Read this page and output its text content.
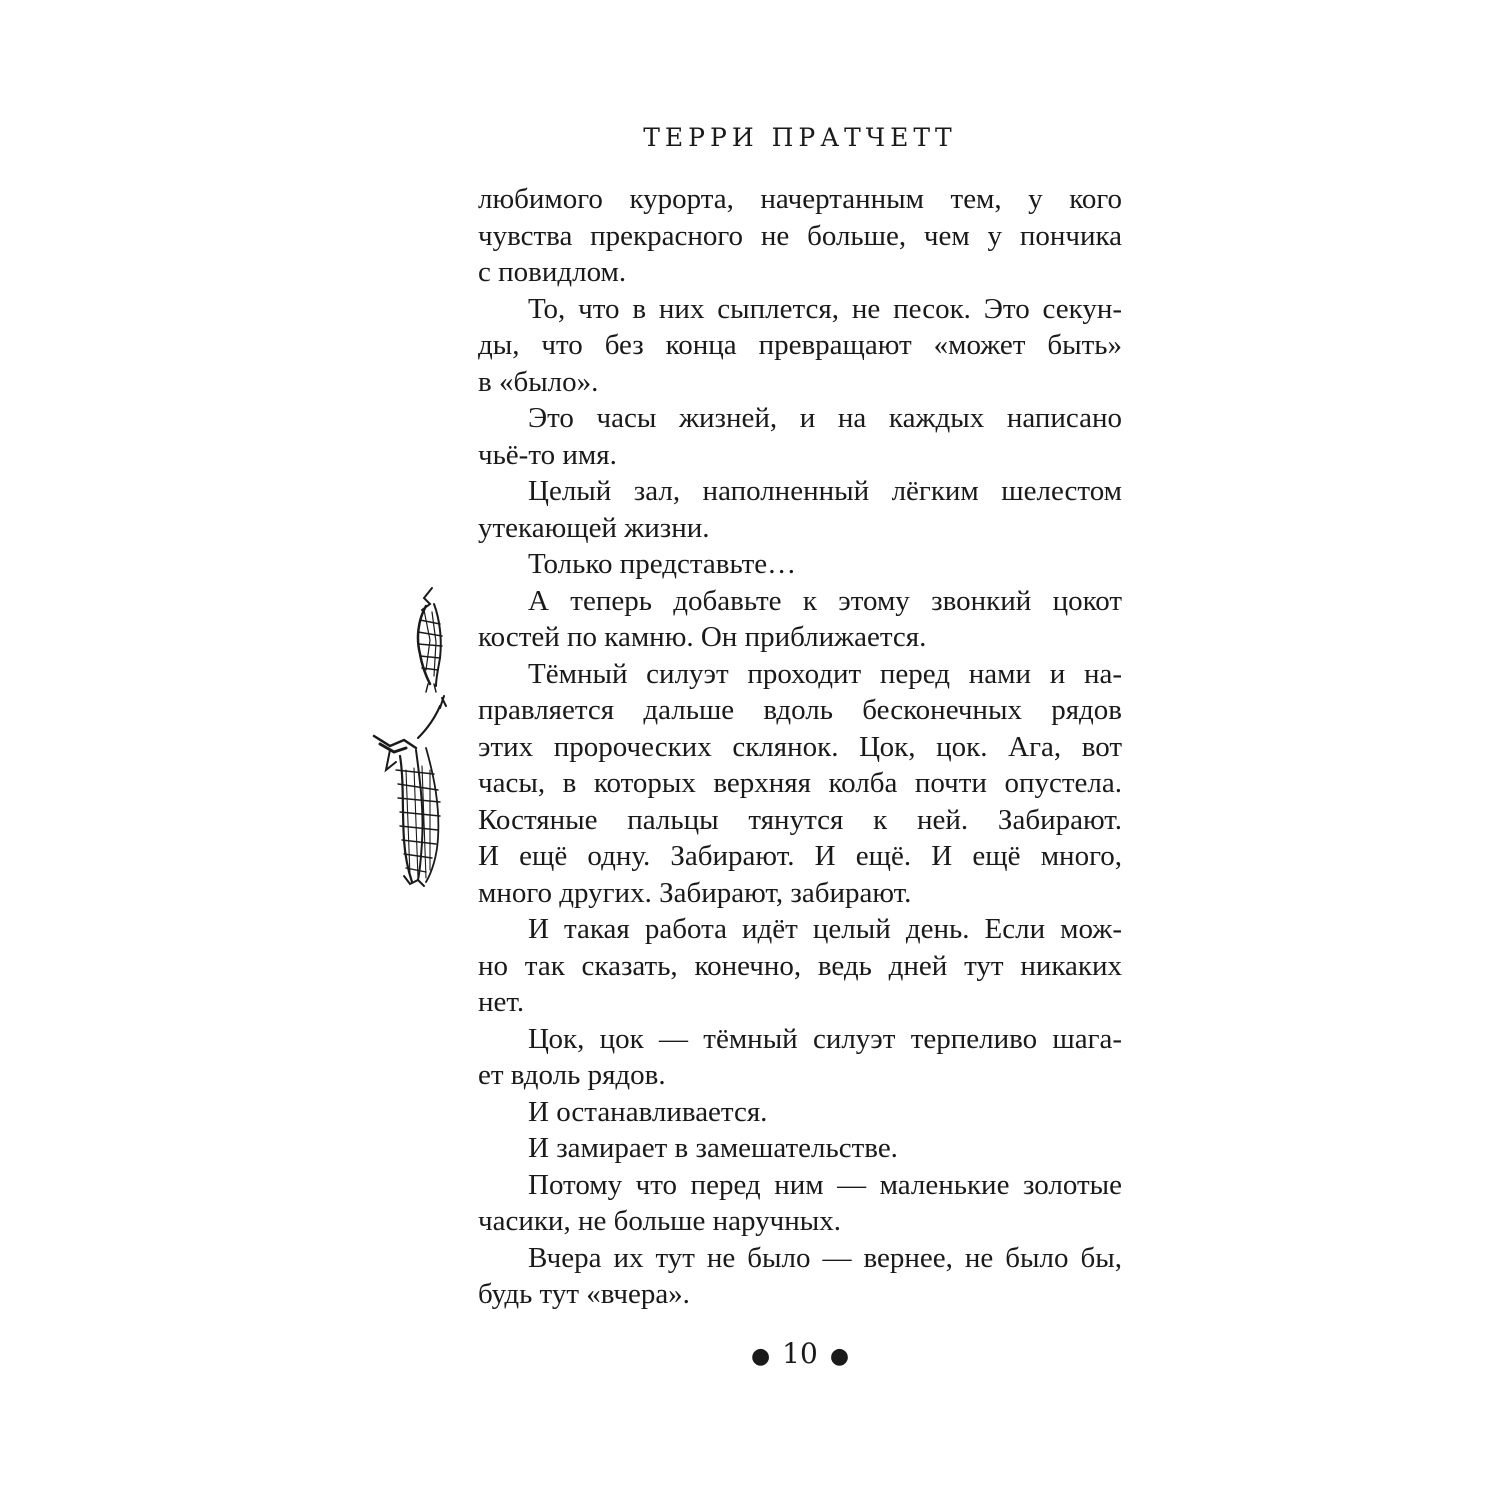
ТЕРРИ ПРАТЧЕТТ
любимого курорта, начертанным тем, у кого
чувства прекрасного не больше, чем у пончика
с повидлом.
То, что в них сыплется, не песок. Это секун-
ды, что без конца превращают «может быть»
в «было».
Это часы жизней, и на каждых написано
чьё-то имя.
Целый зал, наполненный лёгким шелестом
утекающей жизни.
Только представьте…
А теперь добавьте к этому звонкий цокот
костей по камню. Он приближается.
Тёмный силуэт проходит перед нами и на-
правляется дальше вдоль бесконечных рядов
этих пророческих склянок. Цок, цок. Ага, вот
часы, в которых верхняя колба почти опустела.
Костяные пальцы тянутся к ней. Забирают.
И ещё одну. Забирают. И ещё. И ещё много,
много других. Забирают, забирают.
И такая работа идёт целый день. Если мож-
но так сказать, конечно, ведь дней тут никаких
нет.
Цок, цок — тёмный силуэт терпеливо шага-
ет вдоль рядов.
И останавливается.
И замирает в замешательстве.
Потому что перед ним — маленькие золотые
часики, не больше наручных.
Вчера их тут не было — вернее, не было бы,
будь тут «вчера».
● 10 ●
